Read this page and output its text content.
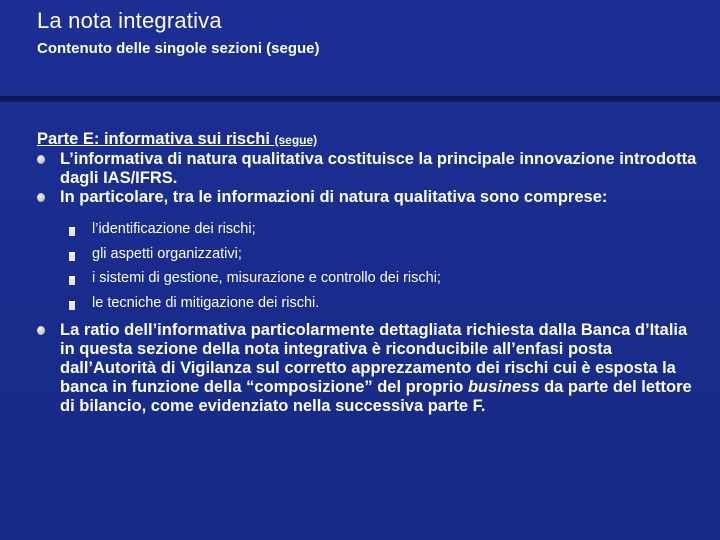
La nota integrativa
Contenuto delle singole sezioni (segue)
Parte E: informativa sui rischi (segue)
L’informativa di natura qualitativa costituisce la principale innovazione introdotta dagli IAS/IFRS.
In particolare, tra le informazioni di natura qualitativa sono comprese:
l’identificazione dei rischi;
gli aspetti organizzativi;
i sistemi di gestione, misurazione e controllo dei rischi;
le tecniche di mitigazione dei rischi.
La ratio dell’informativa particolarmente dettagliata richiesta dalla Banca d’Italia in questa sezione della nota integrativa è riconducibile all’enfasi posta dall’Autorità di Vigilanza sul corretto apprezzamento dei rischi cui è esposta la banca in funzione della “composizione” del proprio business da parte del lettore di bilancio, come evidenziato nella successiva parte F.
